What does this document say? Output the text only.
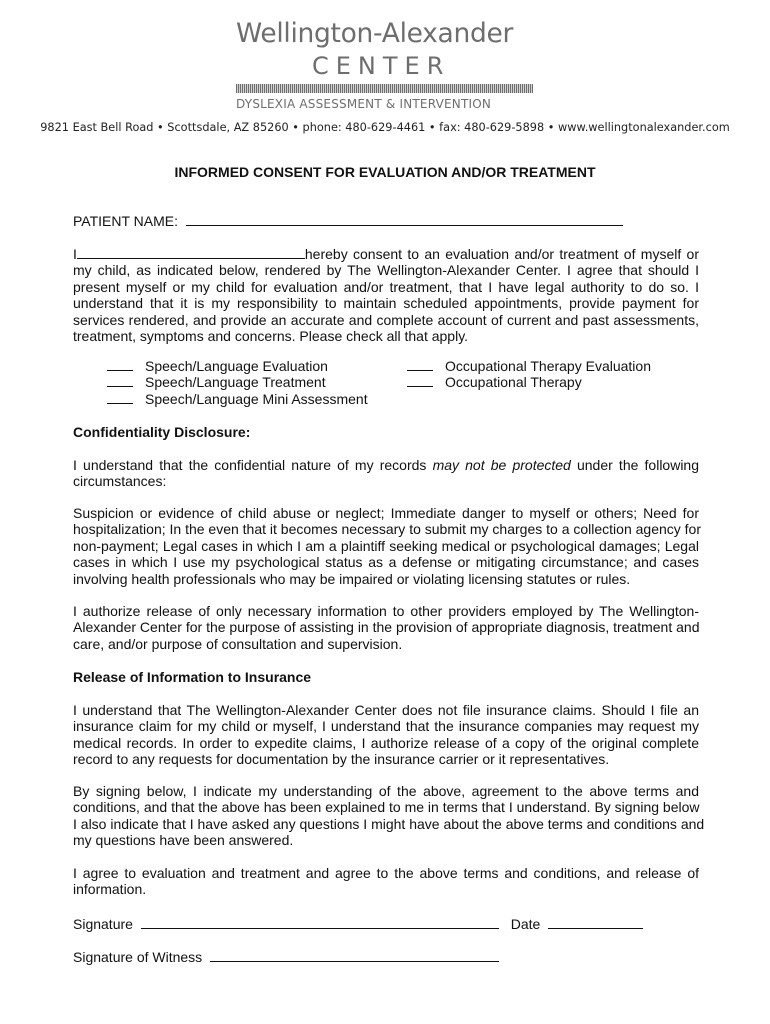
Wellington-Alexander
CENTER
DYSLEXIA ASSESSMENT & INTERVENTION
9821 East Bell Road • Scottsdale, AZ 85260 • phone: 480-629-4461 • fax: 480-629-5898 • www.wellingtonalexander.com
INFORMED CONSENT FOR EVALUATION AND/OR TREATMENT
PATIENT NAME:
I	hereby consent to an evaluation and/or treatment of myself or
my child, as indicated below, rendered by The Wellington-Alexander Center. I agree that should I
present myself or my child for evaluation and/or treatment, that I have legal authority to do so. I
understand that it is my responsibility to maintain scheduled appointments, provide payment for
services rendered, and provide an accurate and complete account of current and past assessments,
treatment, symptoms and concerns. Please check all that apply.
Speech/Language Evaluation
Speech/Language Treatment
Speech/Language Mini Assessment
Occupational Therapy Evaluation
Occupational Therapy
Confidentiality Disclosure:
I understand that the confidential nature of my records may not be protected under the following
circumstances:
Suspicion or evidence of child abuse or neglect; Immediate danger to myself or others; Need for
hospitalization; In the even that it becomes necessary to submit my charges to a collection agency for
non-payment; Legal cases in which I am a plaintiff seeking medical or psychological damages; Legal
cases in which I use my psychological status as a defense or mitigating circumstance; and cases
involving health professionals who may be impaired or violating licensing statutes or rules.
I authorize release of only necessary information to other providers employed by The Wellington-
Alexander Center for the purpose of assisting in the provision of appropriate diagnosis, treatment and
care, and/or purpose of consultation and supervision.
Release of Information to Insurance
I understand that The Wellington-Alexander Center does not file insurance claims. Should I file an
insurance claim for my child or myself, I understand that the insurance companies may request my
medical records. In order to expedite claims, I authorize release of a copy of the original complete
record to any requests for documentation by the insurance carrier or it representatives.
By signing below, I indicate my understanding of the above, agreement to the above terms and
conditions, and that the above has been explained to me in terms that I understand. By signing below
I also indicate that I have asked any questions I might have about the above terms and conditions and
my questions have been answered.
I agree to evaluation and treatment and agree to the above terms and conditions, and release of
information.
Signature	Date
Signature of Witness
